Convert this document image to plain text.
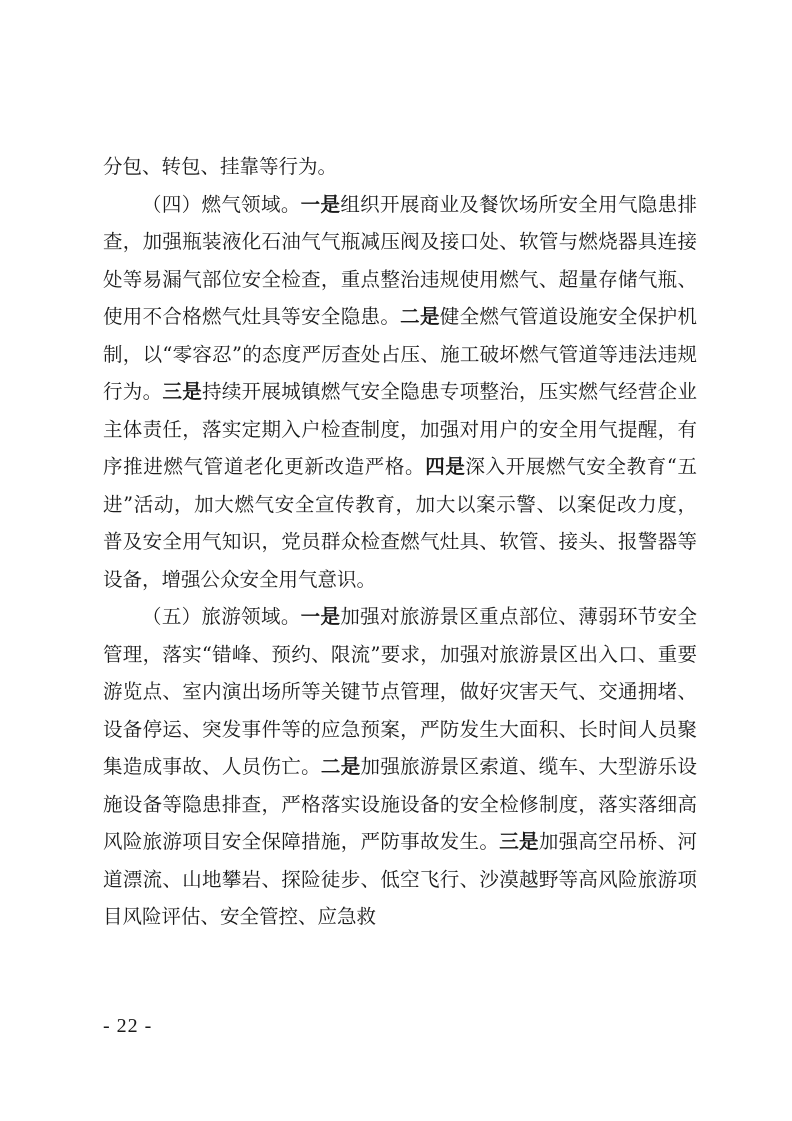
分包、转包、挂靠等行为。

（四）燃气领域。一是组织开展商业及餐饮场所安全用气隐患排查，加强瓶装液化石油气气瓶减压阀及接口处、软管与燃烧器具连接处等易漏气部位安全检查，重点整治违规使用燃气、超量存储气瓶、使用不合格燃气灶具等安全隐患。二是健全燃气管道设施安全保护机制，以“零容忍”的态度严厉查处占压、施工破坏燃气管道等违法违规行为。三是持续开展城镇燃气安全隐患专项整治，压实燃气经营企业主体责任，落实定期入户检查制度，加强对用户的安全用气提醒，有序推进燃气管道老化更新改造严格。四是深入开展燃气安全教育“五进”活动，加大燃气安全宣传教育，加大以案示警、以案促改力度，普及安全用气知识，党员群众检查燃气灶具、软管、接头、报警器等设备，增强公众安全用气意识。

（五）旅游领域。一是加强对旅游景区重点部位、薄弱环节安全管理，落实“错峰、预约、限流”要求，加强对旅游景区出入口、重要游览点、室内演出场所等关键节点管理，做好灾害天气、交通拥堵、设备停运、突发事件等的应急预案，严防发生大面积、长时间人员聚集造成事故、人员伤亡。二是加强旅游景区索道、缆车、大型游乐设施设备等隐患排查，严格落实设施设备的安全检修制度，落实落细高风险旅游项目安全保障措施，严防事故发生。三是加强高空吊桥、河道漂流、山地攀岩、探险徒步、低空飞行、沙漠越野等高风险旅游项目风险评估、安全管控、应急救

- 22 -
